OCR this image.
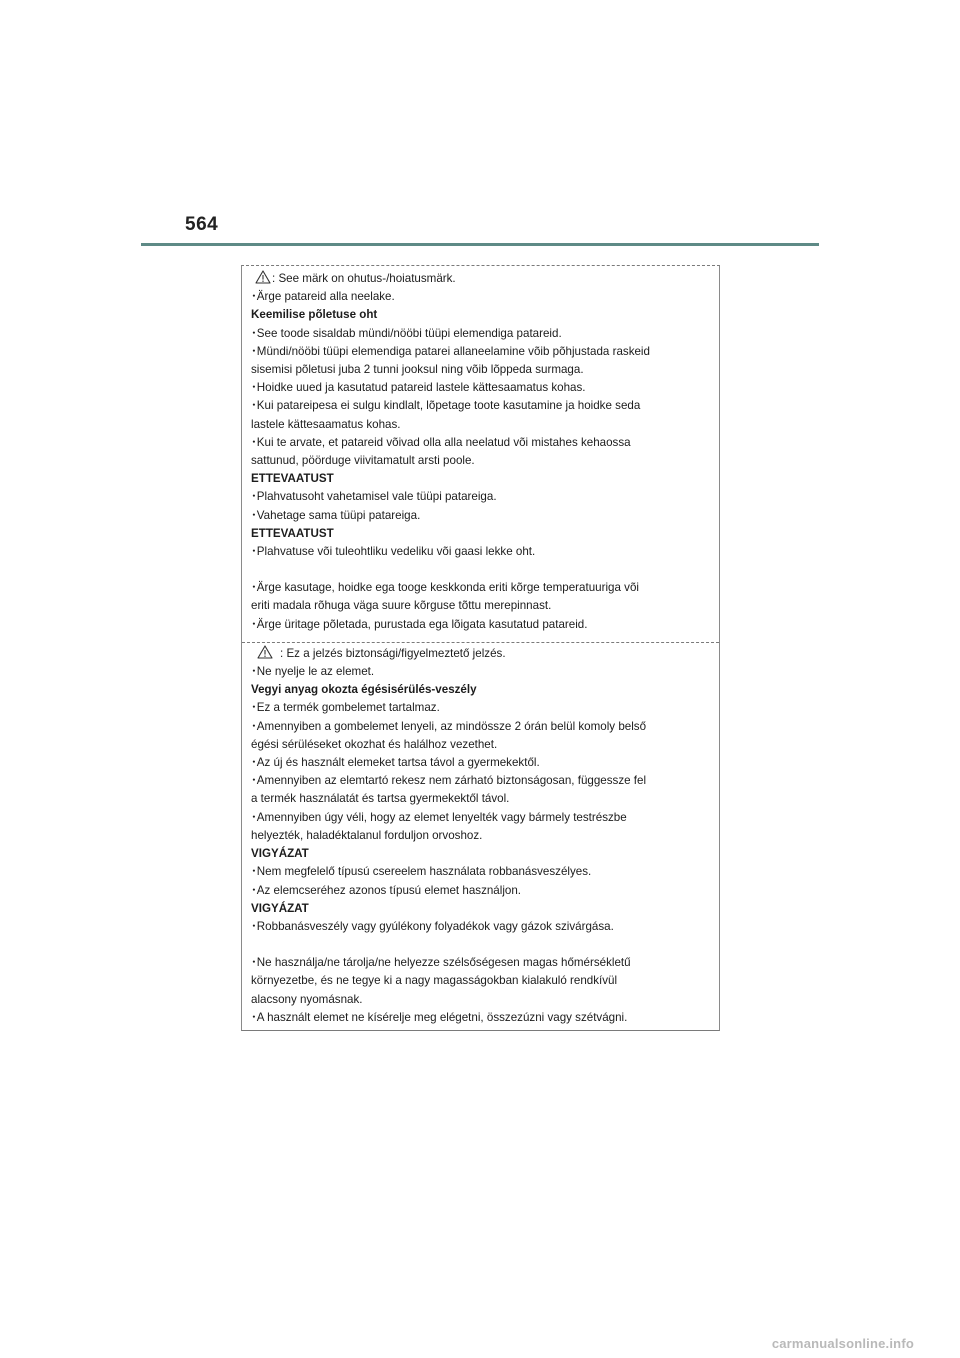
564
: See märk on ohutus-/hoiatusmärk.
･Ärge patareid alla neelake.
Keemilise põletuse oht
･See toode sisaldab mündi/nööbi tüüpi elemendiga patareid.
･Mündi/nööbi tüüpi elemendiga patarei allaneelamine võib põhjustada raskeid
sisemisi põletusi juba 2 tunni jooksul ning võib lõppeda surmaga.
･Hoidke uued ja kasutatud patareid lastele kättesaamatus kohas.
･Kui patareipesa ei sulgu kindlalt, lõpetage toote kasutamine ja hoidke seda
lastele kättesaamatus kohas.
･Kui te arvate, et patareid võivad olla alla neelatud või mistahes kehaossa
sattunud, pöörduge viivitamatult arsti poole.
ETTEVAATUST
･Plahvatusoht vahetamisel vale tüüpi patareiga.
･Vahetage sama tüüpi patareiga.
ETTEVAATUST
･Plahvatuse või tuleohtliku vedeliku või gaasi lekke oht.
･Ärge kasutage, hoidke ega tooge keskkonda eriti kõrge temperatuuriga või
eriti madala rõhuga väga suure kõrguse tõttu merepinnast.
･Ärge üritage põletada, purustada ega lõigata kasutatud patareid.
: Ez a jelzés biztonsági/figyelmeztető jelzés.
･Ne nyelje le az elemet.
Vegyi anyag okozta égésisérülés-veszély
･Ez a termék gombelemet tartalmaz.
･Amennyiben a gombelemet lenyeli, az mindössze 2 órán belül komoly belső
égési sérüléseket okozhat és halálhoz vezethet.
･Az új és használt elemeket tartsa távol a gyermekektől.
･Amennyiben az elemtartó rekesz nem zárható biztonságosan, függessze fel
a termék használatát és tartsa gyermekektől távol.
･Amennyiben úgy véli, hogy az elemet lenyelték vagy bármely testrészbe
helyezték, haladéktalanul forduljon orvoshoz.
VIGYÁZAT
･Nem megfelelő típusú csereelem használata robbanásveszélyes.
･Az elemcseréhez azonos típusú elemet használjon.
VIGYÁZAT
･Robbanásveszély vagy gyúlékony folyadékok vagy gázok szivárgása.
･Ne használja/ne tárolja/ne helyezze szélsőségesen magas hőmérsékletű
környezetbe, és ne tegye ki a nagy magasságokban kialakuló rendkívül
alacsony nyomásnak.
･A használt elemet ne kísérelje meg elégetni, összezúzni vagy szétvágni.
carmanualsonline.info
